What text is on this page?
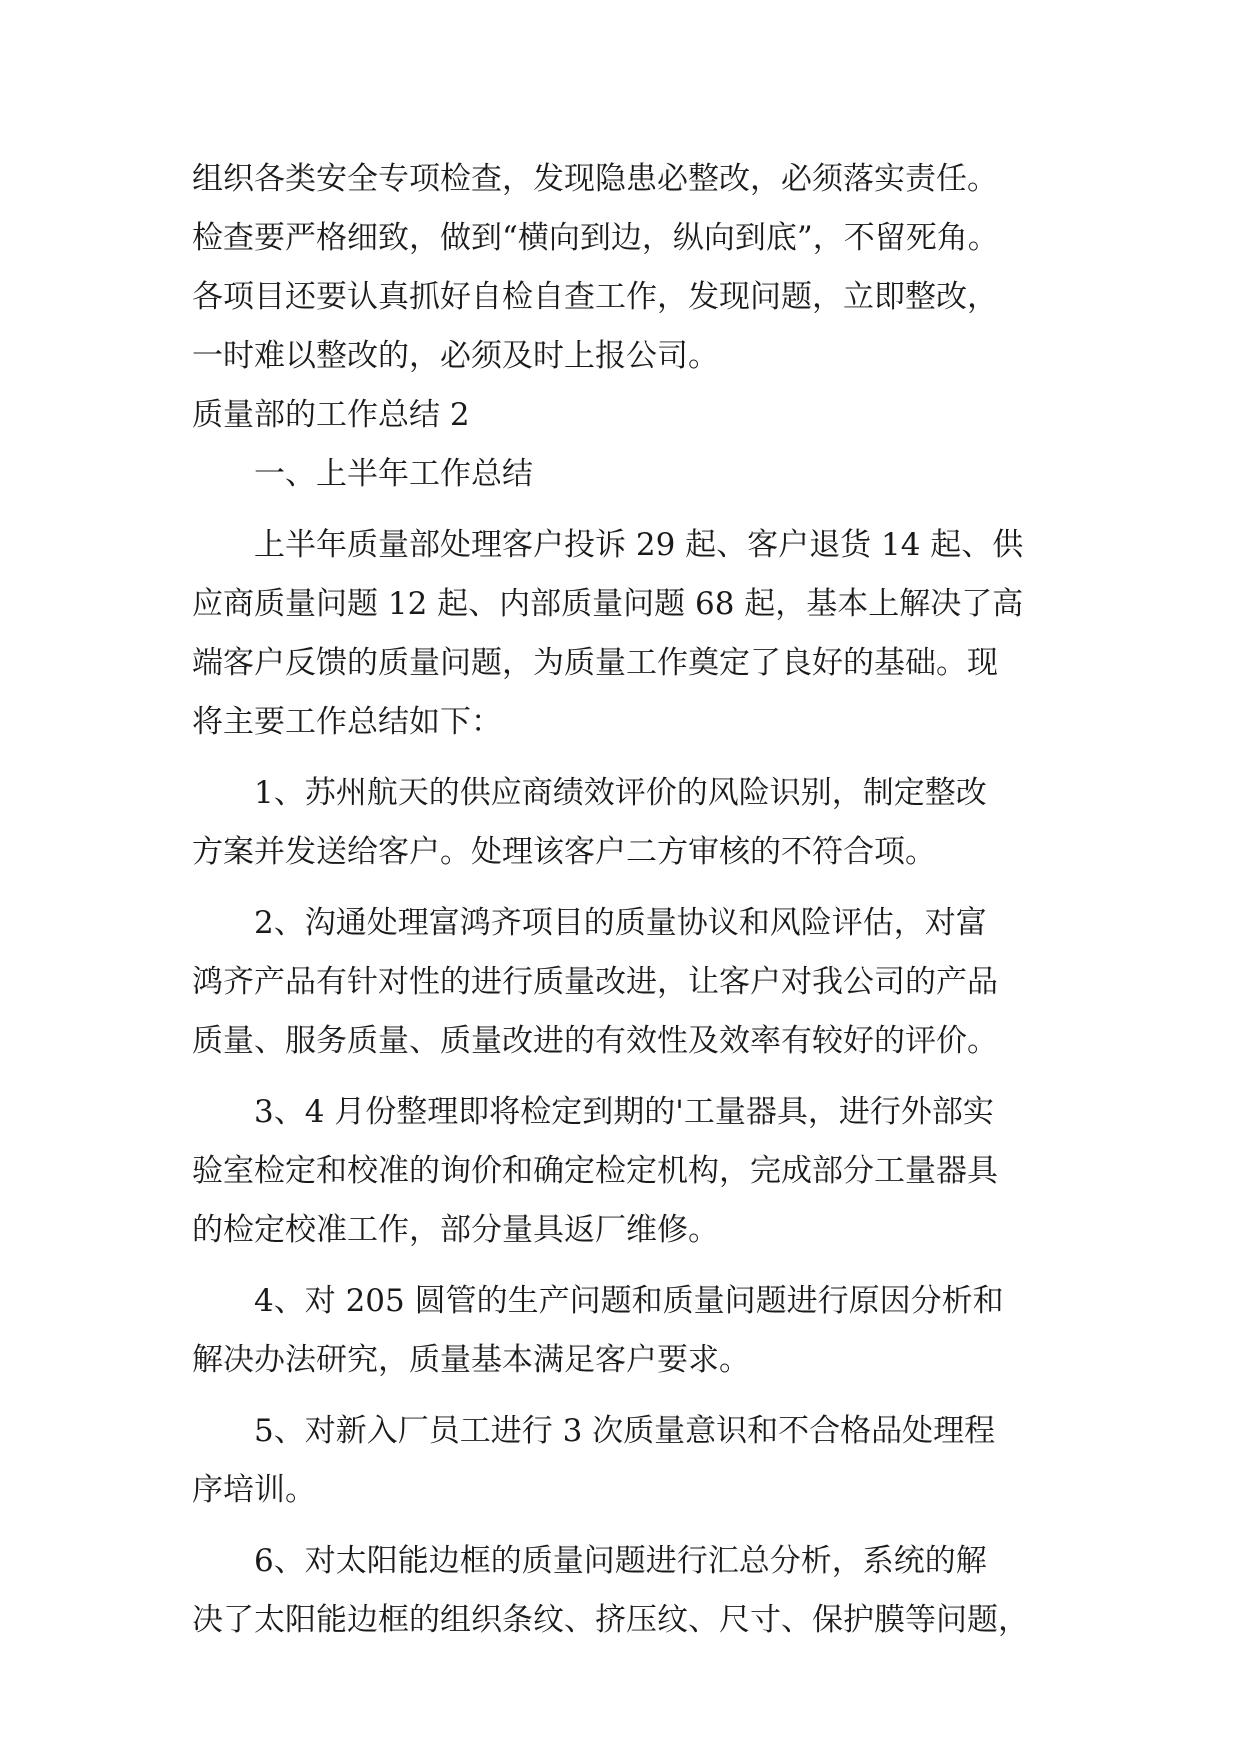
组织各类安全专项检查，发现隐患必整改，必须落实责任。
检查要严格细致，做到“横向到边，纵向到底”，不留死角。
各项目还要认真抓好自检自查工作，发现问题，立即整改，
一时难以整改的，必须及时上报公司。
质量部的工作总结 2
一、上半年工作总结
上半年质量部处理客户投诉 29 起、客户退货 14 起、供
应商质量问题 12 起、内部质量问题 68 起，基本上解决了高
端客户反馈的质量问题，为质量工作奠定了良好的基础。现
将主要工作总结如下：
1、苏州航天的供应商绩效评价的风险识别，制定整改
方案并发送给客户。处理该客户二方审核的不符合项。
2、沟通处理富鸿齐项目的质量协议和风险评估，对富
鸿齐产品有针对性的进行质量改进，让客户对我公司的产品
质量、服务质量、质量改进的有效性及效率有较好的评价。
3、4 月份整理即将检定到期的'工量器具，进行外部实
验室检定和校准的询价和确定检定机构，完成部分工量器具
的检定校准工作，部分量具返厂维修。
4、对 205 圆管的生产问题和质量问题进行原因分析和
解决办法研究，质量基本满足客户要求。
5、对新入厂员工进行 3 次质量意识和不合格品处理程
序培训。
6、对太阳能边框的质量问题进行汇总分析，系统的解
决了太阳能边框的组织条纹、挤压纹、尺寸、保护膜等问题，
